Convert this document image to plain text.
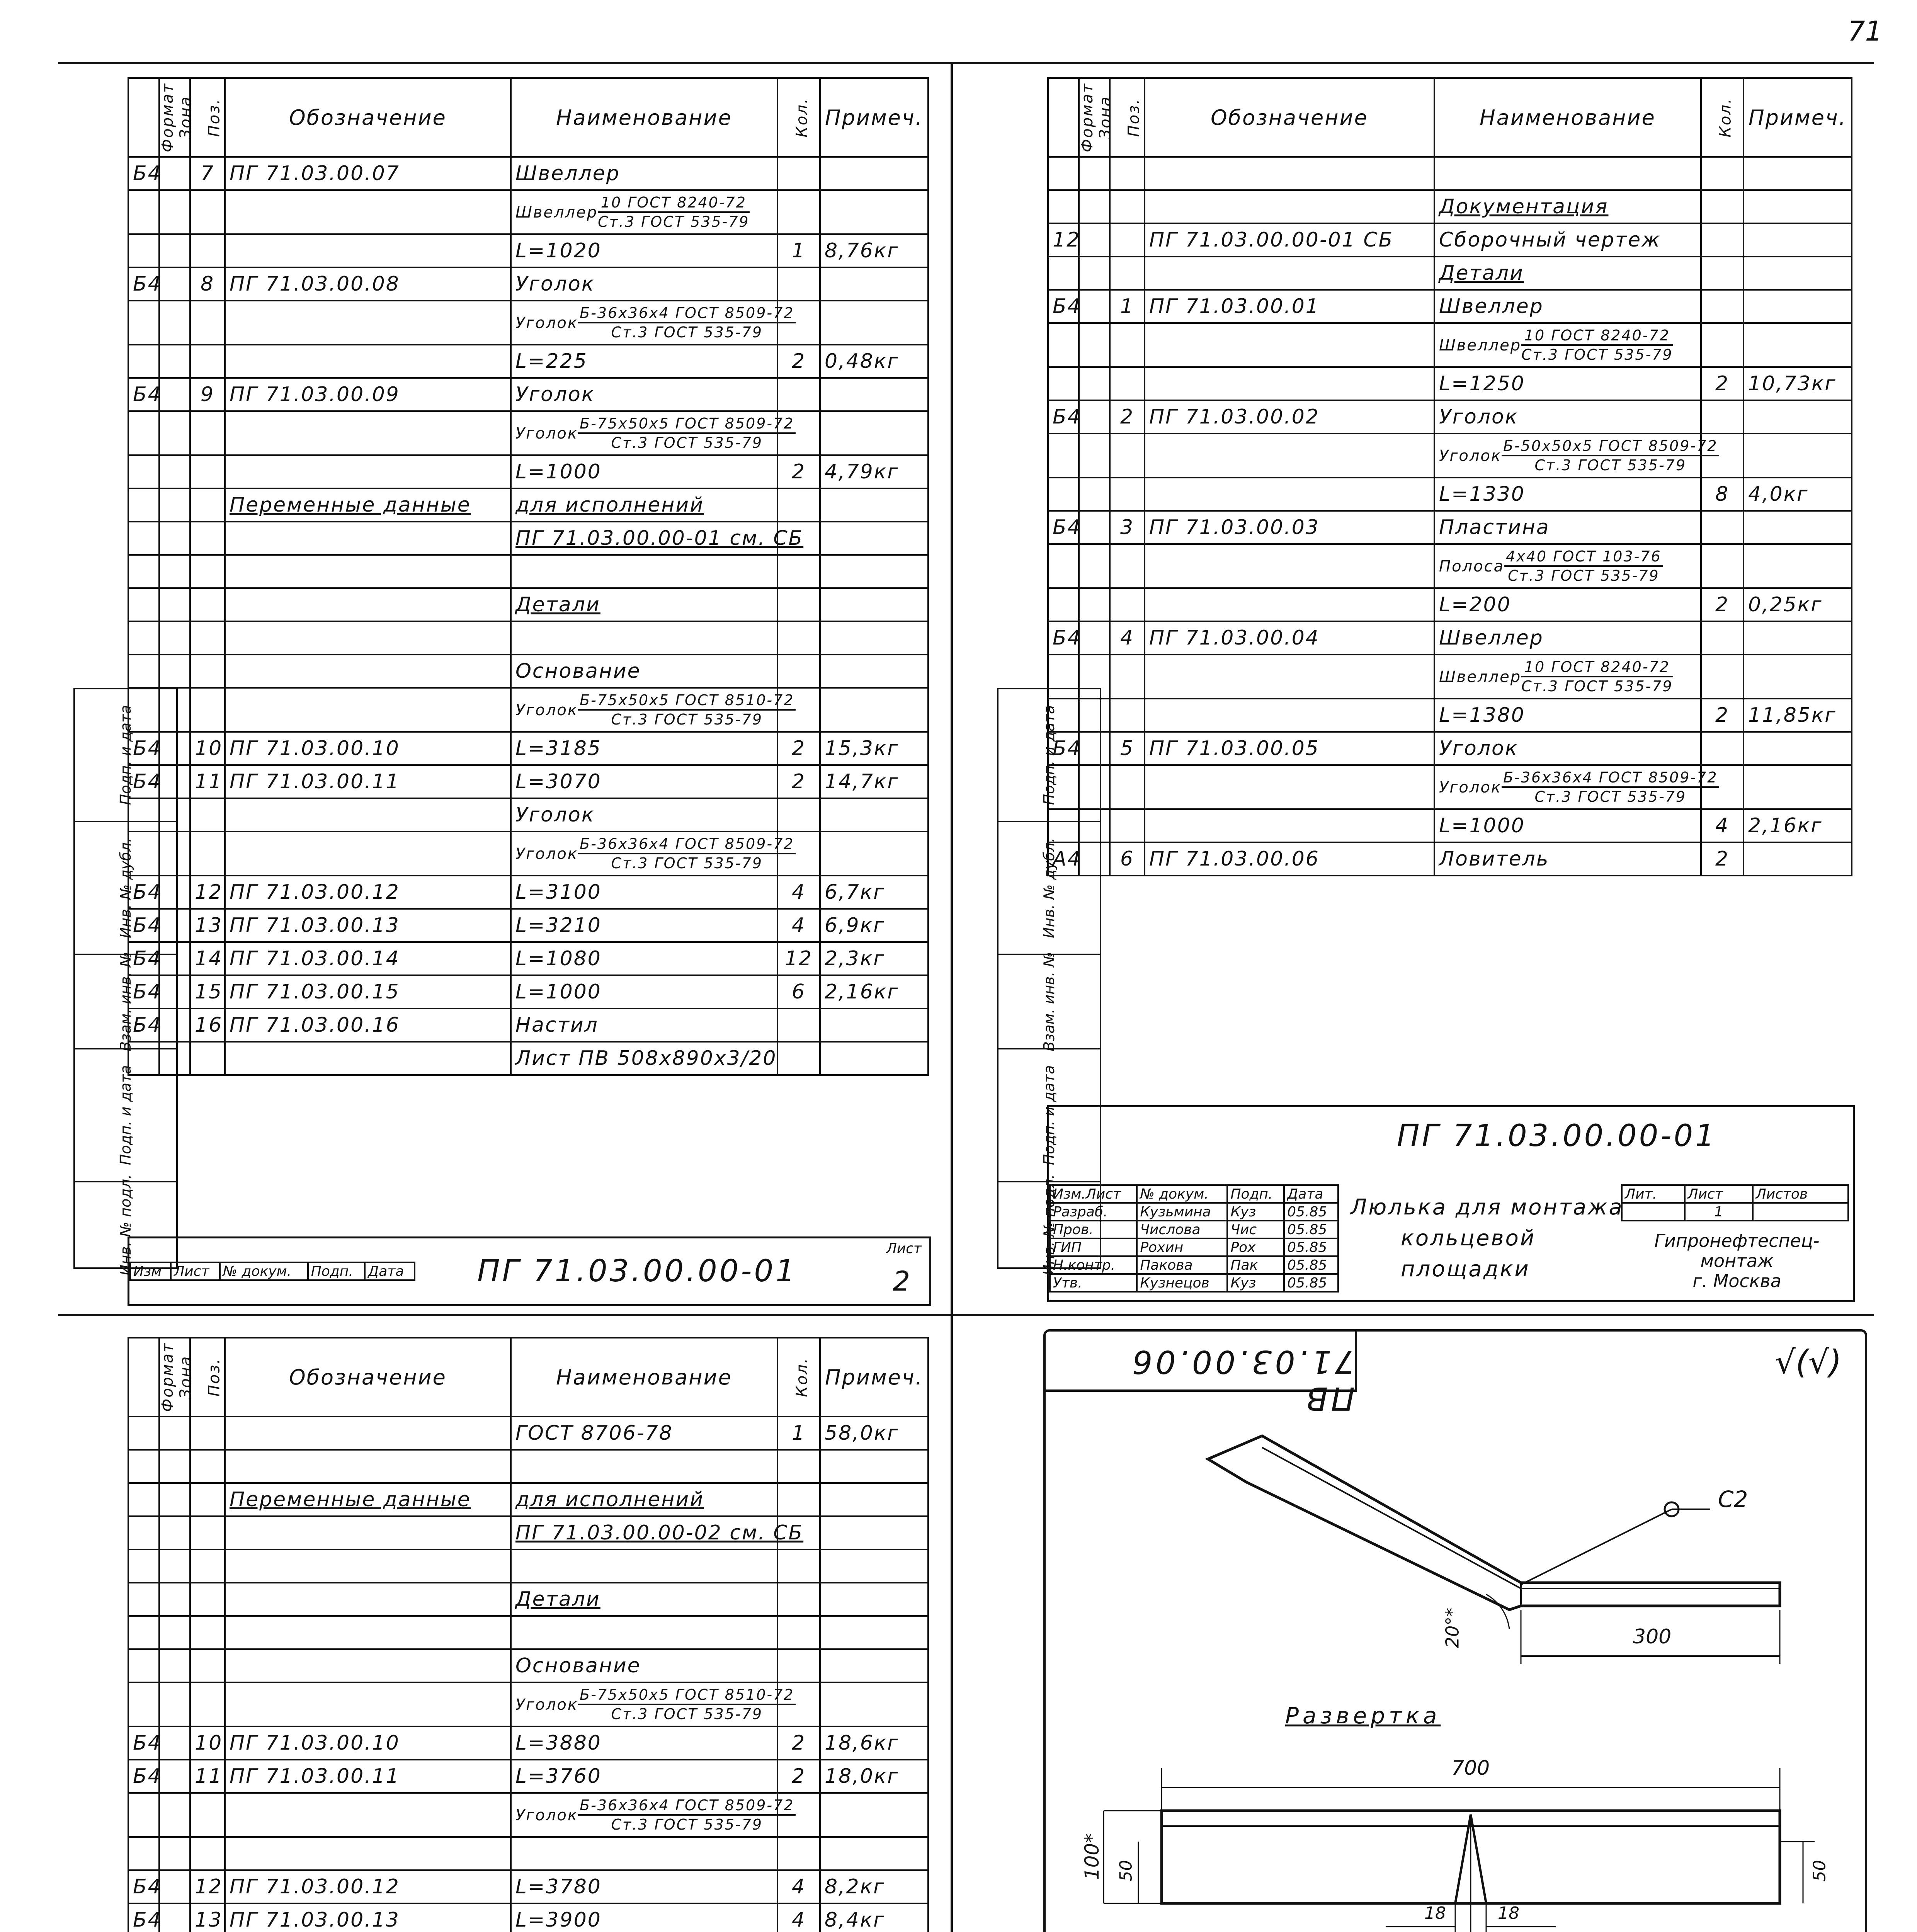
71
Подп. и дата

Инв. № дубл.

Взам. инв. №

Подп. и дата

Инв. № подл.
Формат	Зона	Поз.	Обозначение	Наименование	Кол.	Примеч.
Б4		7	ПГ 71.03.00.07	Швеллер		
				Швеллер $\frac{\text{10 ГОСТ 8240-72}}{\text{Ст.3 ГОСТ 535-79}}$		
				L=1020	1	8,76кг
Б4		8	ПГ 71.03.00.08	Уголок		
				Уголок $\frac{\text{Б-36x36x4 ГОСТ 8509-72}}{\text{Ст.3 ГОСТ 535-79}}$		
				L=225	2	0,48кг
Б4		9	ПГ 71.03.00.09	Уголок		
				Уголок $\frac{\text{Б-75x50x5 ГОСТ 8509-72}}{\text{Ст.3 ГОСТ 535-79}}$		
				L=1000	2	4,79кг
			Переменные данные	для исполнений		
				ПГ 71.03.00.00-01 см. СБ		

				Детали		

				Основание		
				Уголок $\frac{\text{Б-75x50x5 ГОСТ 8510-72}}{\text{Ст.3 ГОСТ 535-79}}$		
Б4		10	ПГ 71.03.00.10	L=3185	2	15,3кг
Б4		11	ПГ 71.03.00.11	L=3070	2	14,7кг
				Уголок		
				Уголок $\frac{\text{Б-36x36x4 ГОСТ 8509-72}}{\text{Ст.3 ГОСТ 535-79}}$		
Б4		12	ПГ 71.03.00.12	L=3100	4	6,7кг
Б4		13	ПГ 71.03.00.13	L=3210	4	6,9кг
Б4		14	ПГ 71.03.00.14	L=1080	12	2,3кг
Б4		15	ПГ 71.03.00.15	L=1000	6	2,16кг
Б4		16	ПГ 71.03.00.16	Настил		
				Лист ПВ 508x890x3/20		
Изм	Лист	№ докум.	Подп.	Дата ПГ 71.03.00.00-01
Лист
2
Подп. и дата

Инв. № дубл.

Взам. инв. №

Подп. и дата

Инв. № подл.
Формат	Зона	Поз.	Обозначение	Наименование	Кол.	Примеч.

				Документация		
12			ПГ 71.03.00.00-01 СБ	Сборочный чертеж		
				Детали		
Б4		1	ПГ 71.03.00.01	Швеллер		
				Швеллер $\frac{\text{10 ГОСТ 8240-72}}{\text{Ст.3 ГОСТ 535-79}}$		
				L=1250	2	10,73кг
Б4		2	ПГ 71.03.00.02	Уголок		
				Уголок $\frac{\text{Б-50x50x5 ГОСТ 8509-72}}{\text{Ст.3 ГОСТ 535-79}}$		
				L=1330	8	4,0кг
Б4		3	ПГ 71.03.00.03	Пластина		
				Полоса $\frac{\text{4x40 ГОСТ 103-76}}{\text{Ст.3 ГОСТ 535-79}}$		
				L=200	2	0,25кг
Б4		4	ПГ 71.03.00.04	Швеллер		
				Швеллер $\frac{\text{10 ГОСТ 8240-72}}{\text{Ст.3 ГОСТ 535-79}}$		
				L=1380	2	11,85кг
Б4		5	ПГ 71.03.00.05	Уголок		
				Уголок $\frac{\text{Б-36x36x4 ГОСТ 8509-72}}{\text{Ст.3 ГОСТ 535-79}}$		
				L=1000	4	2,16кг
А4		6	ПГ 71.03.00.06	Ловитель	2	
ПГ 71.03.00.00-01
Изм.Лист	№ докум.	Подп.	Дата
Разраб.	Кузьмина	Куз	05.85
Пров.	Числова	Чис	05.85
ГИП	Рохин	Рох	05.85
Н.контр.	Пакова	Пак	05.85
Утв.	Кузнецов	Куз	05.85
Люлька для монтажа
кольцевой
площадки
Лит.	Лист	Листов
	1	
Гипронефтеспец-
монтаж
г. Москва

Формат	Зона	Поз.	Обозначение	Наименование	Кол.	Примеч.
				ГОСТ 8706-78	1	58,0кг

			Переменные данные	для исполнений		
				ПГ 71.03.00.00-02 см. СБ		

				Детали		

				Основание		
				Уголок $\frac{\text{Б-75x50x5 ГОСТ 8510-72}}{\text{Ст.3 ГОСТ 535-79}}$		
Б4		10	ПГ 71.03.00.10	L=3880	2	18,6кг
Б4		11	ПГ 71.03.00.11	L=3760	2	18,0кг
				Уголок $\frac{\text{Б-36x36x4 ГОСТ 8509-72}}{\text{Ст.3 ГОСТ 535-79}}$		

Б4		12	ПГ 71.03.00.12	L=3780	4	8,2кг
Б4		13	ПГ 71.03.00.13	L=3900	4	8,4кг

ПВ 71.03.00.06	√(√)
С2
20°*	300
Развертка
700
100* 50	50
18	18
